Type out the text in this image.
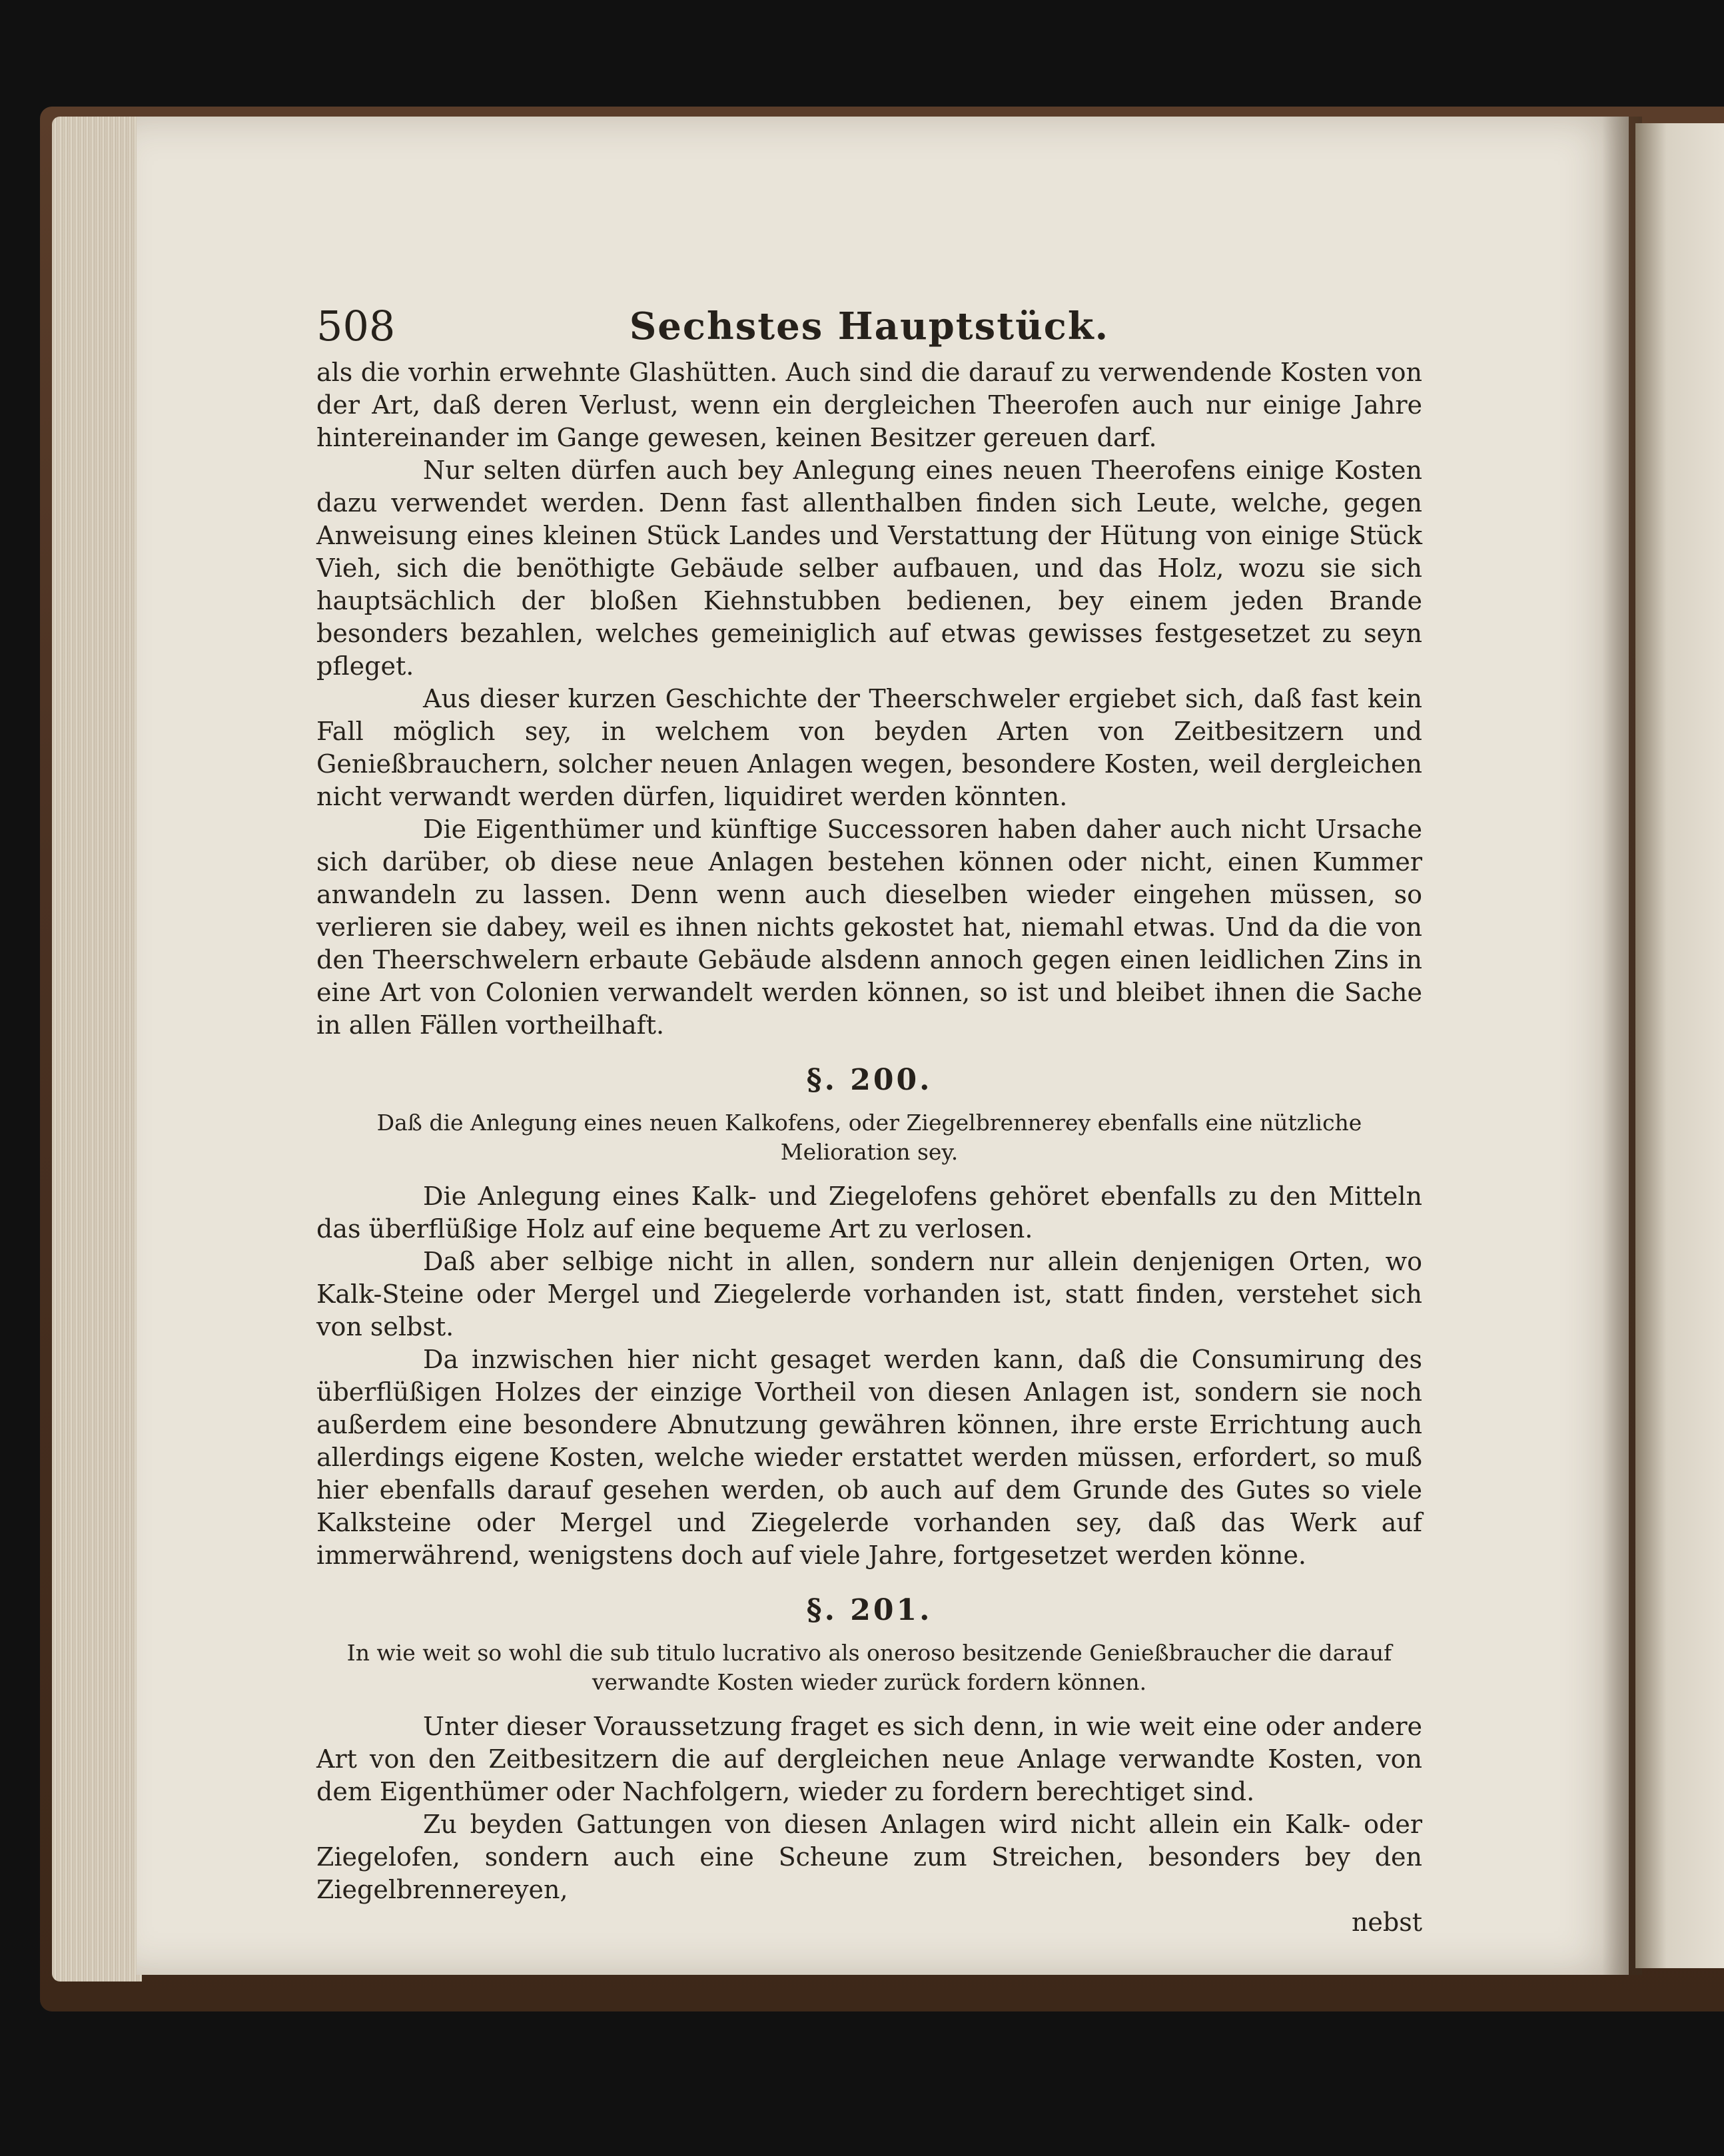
508	Sechstes Hauptstück.

als die vorhin erwehnte Glashütten. Auch sind die darauf zu verwendende Kosten von der Art, daß deren Verlust, wenn ein dergleichen Theerofen auch nur einige Jahre hintereinander im Gange gewesen, keinen Besitzer gereuen darf.

Nur selten dürfen auch bey Anlegung eines neuen Theerofens einige Kosten dazu verwendet werden. Denn fast allenthalben finden sich Leute, welche, gegen Anweisung eines kleinen Stück Landes und Verstattung der Hütung von einige Stück Vieh, sich die benöthigte Gebäude selber aufbauen, und das Holz, wozu sie sich hauptsächlich der bloßen Kiehnstubben bedienen, bey einem jeden Brande besonders bezahlen, welches gemeiniglich auf etwas gewisses festgesetzet zu seyn pfleget.

Aus dieser kurzen Geschichte der Theerschweler ergiebet sich, daß fast kein Fall möglich sey, in welchem von beyden Arten von Zeitbesitzern und Genießbrauchern, solcher neuen Anlagen wegen, besondere Kosten, weil dergleichen nicht verwandt werden dürfen, liquidiret werden könnten.

Die Eigenthümer und künftige Successoren haben daher auch nicht Ursache sich darüber, ob diese neue Anlagen bestehen können oder nicht, einen Kummer anwandeln zu lassen. Denn wenn auch dieselben wieder eingehen müssen, so verlieren sie dabey, weil es ihnen nichts gekostet hat, niemahl etwas. Und da die von den Theerschwelern erbaute Gebäude alsdenn annoch gegen einen leidlichen Zins in eine Art von Colonien verwandelt werden können, so ist und bleibet ihnen die Sache in allen Fällen vortheilhaft.

§. 200.
Daß die Anlegung eines neuen Kalkofens, oder Ziegelbrennerey ebenfalls eine nützliche Melioration sey.

Die Anlegung eines Kalk- und Ziegelofens gehöret ebenfalls zu den Mitteln das überflüßige Holz auf eine bequeme Art zu verlosen.

Daß aber selbige nicht in allen, sondern nur allein denjenigen Orten, wo Kalk-Steine oder Mergel und Ziegelerde vorhanden ist, statt finden, verstehet sich von selbst.

Da inzwischen hier nicht gesaget werden kann, daß die Consumirung des überflüßigen Holzes der einzige Vortheil von diesen Anlagen ist, sondern sie noch außerdem eine besondere Abnutzung gewähren können, ihre erste Errichtung auch allerdings eigene Kosten, welche wieder erstattet werden müssen, erfordert, so muß hier ebenfalls darauf gesehen werden, ob auch auf dem Grunde des Gutes so viele Kalksteine oder Mergel und Ziegelerde vorhanden sey, daß das Werk auf immerwährend, wenigstens doch auf viele Jahre, fortgesetzet werden könne.

§. 201.
In wie weit so wohl die sub titulo lucrativo als oneroso besitzende Genießbraucher die darauf verwandte Kosten wieder zurück fordern können.

Unter dieser Voraussetzung fraget es sich denn, in wie weit eine oder andere Art von den Zeitbesitzern die auf dergleichen neue Anlage verwandte Kosten, von dem Eigenthümer oder Nachfolgern, wieder zu fordern berechtiget sind.

Zu beyden Gattungen von diesen Anlagen wird nicht allein ein Kalk- oder Ziegelofen, sondern auch eine Scheune zum Streichen, besonders bey den Ziegelbrennereyen,

nebst
